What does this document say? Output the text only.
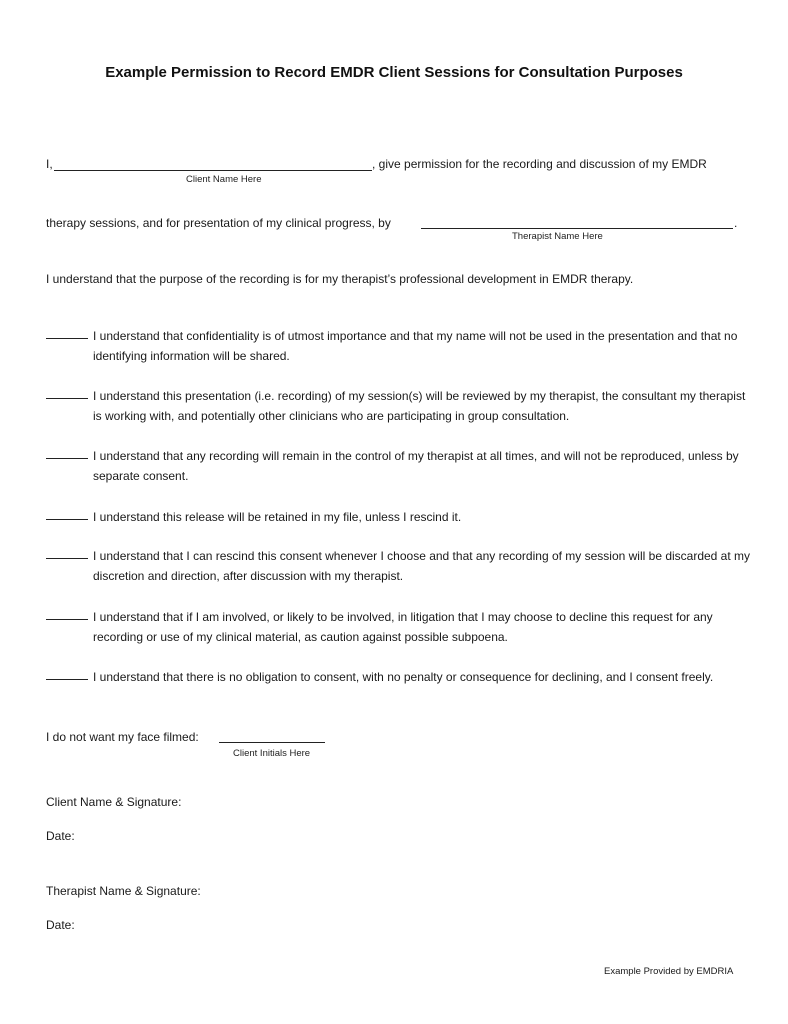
Example Permission to Record EMDR Client Sessions for Consultation Purposes
I,	, give permission for the recording and discussion of my EMDR
Client Name Here
therapy sessions, and for presentation of my clinical progress, by	.
Therapist Name Here
I understand that the purpose of the recording is for my therapist’s professional development in EMDR therapy.
I understand that confidentiality is of utmost importance and that my name will not be used in the presentation and that no identifying information will be shared.
I understand this presentation (i.e. recording) of my session(s) will be reviewed by my therapist, the consultant my therapist is working with, and potentially other clinicians who are participating in group consultation.
I understand that any recording will remain in the control of my therapist at all times, and will not be reproduced, unless by separate consent.
I understand this release will be retained in my file, unless I rescind it.
I understand that I can rescind this consent whenever I choose and that any recording of my session will be discarded at my discretion and direction, after discussion with my therapist.
I understand that if I am involved, or likely to be involved, in litigation that I may choose to decline this request for any recording or use of my clinical material, as caution against possible subpoena.
I understand that there is no obligation to consent, with no penalty or consequence for declining, and I consent freely.
I do not want my face filmed:
Client Initials Here
Client Name & Signature:
Date:
Therapist Name & Signature:
Date:
Example Provided by EMDRIA
